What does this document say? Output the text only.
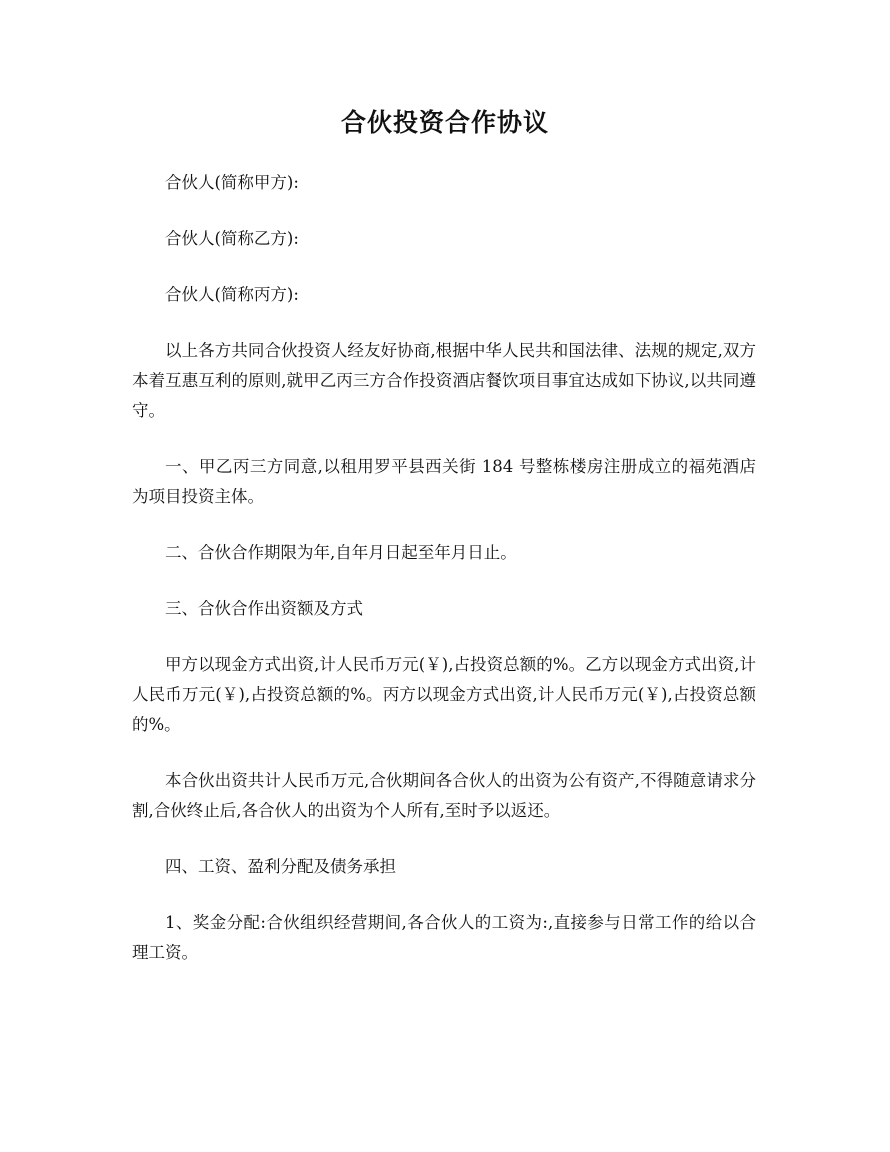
合伙投资合作协议

合伙人(简称甲方):

合伙人(简称乙方):

合伙人(简称丙方):

以上各方共同合伙投资人经友好协商,根据中华人民共和国法律、法规的规定,双方本着互惠互利的原则,就甲乙丙三方合作投资酒店餐饮项目事宜达成如下协议,以共同遵守。

一、甲乙丙三方同意,以租用罗平县西关街 184 号整栋楼房注册成立的福苑酒店为项目投资主体。

二、合伙合作期限为年,自年月日起至年月日止。

三、合伙合作出资额及方式

甲方以现金方式出资,计人民币万元(￥),占投资总额的%。乙方以现金方式出资,计人民币万元(￥),占投资总额的%。丙方以现金方式出资,计人民币万元(￥),占投资总额的%。

本合伙出资共计人民币万元,合伙期间各合伙人的出资为公有资产,不得随意请求分割,合伙终止后,各合伙人的出资为个人所有,至时予以返还。

四、工资、盈利分配及债务承担

1、奖金分配:合伙组织经营期间,各合伙人的工资为:,直接参与日常工作的给以合理工资。
